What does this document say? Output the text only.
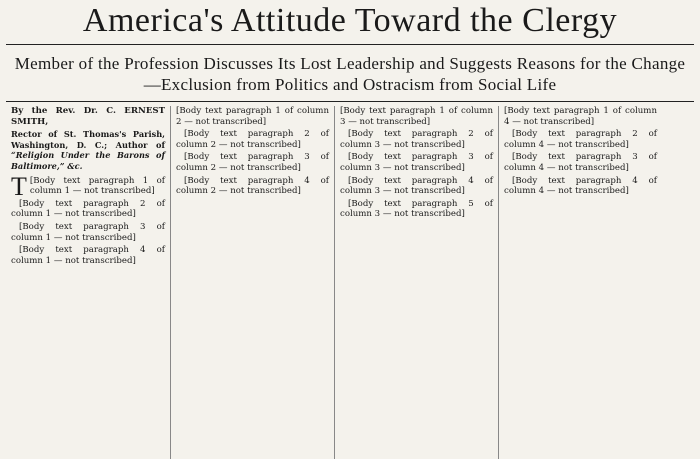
America's Attitude Toward the Clergy
Member of the Profession Discusses Its Lost Leadership and Suggests Reasons for the Change—Exclusion from Politics and Ostracism from Social Life
By the Rev. Dr. C. ERNEST SMITH,
Rector of St. Thomas's Parish, Washington, D. C.; Author of “Religion Under the Barons of Baltimore,” &c.

T [Body text paragraph 1 of column 1 — not transcribed]

[Body text paragraph 2 of column 1 — not transcribed]

[Body text paragraph 3 of column 1 — not transcribed]

[Body text paragraph 4 of column 1 — not transcribed]

[Body text paragraph 1 of column 2 — not transcribed]

[Body text paragraph 2 of column 2 — not transcribed]

[Body text paragraph 3 of column 2 — not transcribed]

[Body text paragraph 4 of column 2 — not transcribed]

[Body text paragraph 1 of column 3 — not transcribed]

[Body text paragraph 2 of column 3 — not transcribed]

[Body text paragraph 3 of column 3 — not transcribed]

[Body text paragraph 4 of column 3 — not transcribed]

[Body text paragraph 5 of column 3 — not transcribed]

[Body text paragraph 1 of column 4 — not transcribed]

[Body text paragraph 2 of column 4 — not transcribed]

[Body text paragraph 3 of column 4 — not transcribed]

[Body text paragraph 4 of column 4 — not transcribed]
